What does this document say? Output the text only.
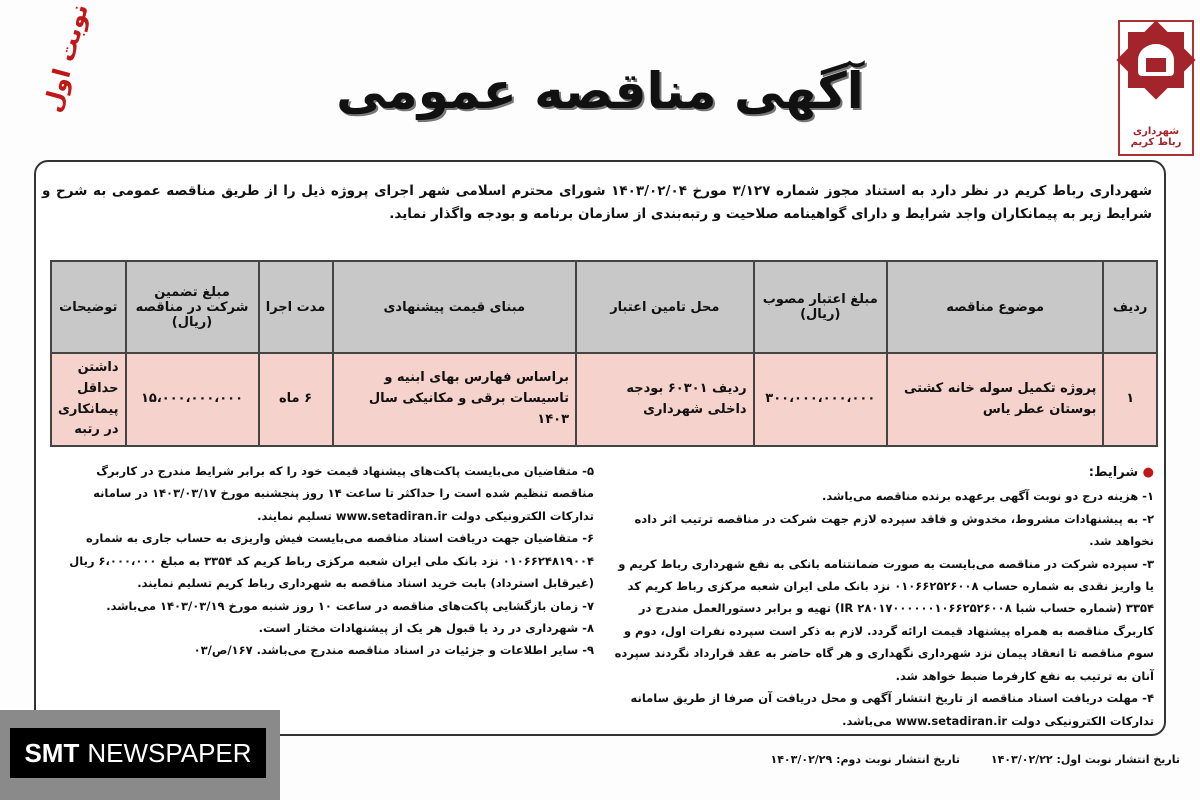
نوبت اول	آگهی مناقصه عمومی
شهرداری رباط کریم
شهرداری رباط کریم در نظر دارد به استناد مجوز شماره ۳/۱۲۷ مورخ ۱۴۰۳/۰۲/۰۴ شورای محترم اسلامی شهر اجرای پروژه ذیل را از طریق مناقصه عمومی به شرح و شرایط زیر به پیمانکاران واجد شرایط و دارای گواهینامه صلاحیت و رتبه‌بندی از سازمان برنامه و بودجه واگذار نماید.
ردیف	موضوع مناقصه	مبلغ اعتبار مصوب (ریال)	محل تامین اعتبار	مبنای قیمت پیشنهادی	مدت اجرا	مبلغ تضمین شرکت در مناقصه (ریال)	توضیحات
۱	پروژه تکمیل سوله خانه کشتی بوستان عطر یاس	۳۰۰،۰۰۰،۰۰۰،۰۰۰	ردیف ۶۰۳۰۱ بودجه داخلی شهرداری	براساس فهارس بهای ابنیه و تاسیسات برقی و مکانیکی سال ۱۴۰۳	۶ ماه	۱۵،۰۰۰،۰۰۰،۰۰۰	داشتن حداقل پیمانکاری در رتبه

● شرایط:

۱- هزینه درج دو نوبت آگهی برعهده برنده مناقصه می‌باشد.

۲- به پیشنهادات مشروط، مخدوش و فاقد سپرده لازم جهت شرکت در مناقصه ترتیب اثر داده نخواهد شد.

۳- سپرده شرکت در مناقصه می‌بایست به صورت ضمانتنامه بانکی به نفع شهرداری رباط کریم و یا واریز نقدی به شماره حساب ۰۱۰۶۶۲۵۲۶۰۰۸ نزد بانک ملی ایران شعبه مرکزی رباط کریم کد ۳۳۵۴ (شماره حساب شبا IR ۲۸۰۱۷۰۰۰۰۰۰۱۰۶۶۲۵۲۶۰۰۸) تهیه و برابر دستورالعمل مندرج در کاربرگ مناقصه به همراه پیشنهاد قیمت ارائه گردد. لازم به ذکر است سپرده نفرات اول، دوم و سوم مناقصه تا انعقاد پیمان نزد شهرداری نگهداری و هر گاه حاضر به عقد قرارداد نگردند سپرده آنان به ترتیب به نفع کارفرما ضبط خواهد شد.

۴- مهلت دریافت اسناد مناقصه از تاریخ انتشار آگهی و محل دریافت آن صرفا از طریق سامانه تدارکات الکترونیکی دولت www.setadiran.ir می‌باشد.

۵- متقاضیان می‌بایست پاکت‌های پیشنهاد قیمت خود را که برابر شرایط مندرج در کاربرگ مناقصه تنظیم شده است را حداکثر تا ساعت ۱۴ روز پنجشنبه مورخ ۱۴۰۳/۰۳/۱۷ در سامانه تدارکات الکترونیکی دولت www.setadiran.ir تسلیم نمایند.

۶- متقاضیان جهت دریافت اسناد مناقصه می‌بایست فیش واریزی به حساب جاری به شماره ۰۱۰۶۶۲۴۸۱۹۰۰۴ نزد بانک ملی ایران شعبه مرکزی رباط کریم کد ۳۳۵۴ به مبلغ ۶،۰۰۰،۰۰۰ ریال (غیرقابل استرداد) بابت خرید اسناد مناقصه به شهرداری رباط کریم تسلیم نمایند.

۷- زمان بازگشایی پاکت‌های مناقصه در ساعت ۱۰ روز شنبه مورخ ۱۴۰۳/۰۳/۱۹ می‌باشد.

۸- شهرداری در رد یا قبول هر یک از پیشنهادات مختار است.

۹- سایر اطلاعات و جزئیات در اسناد مناقصه مندرج می‌باشد. ۱۶۷/ص/۰۳

تاریخ انتشار نوبت اول: ۱۴۰۳/۰۲/۲۲
تاریخ انتشار نوبت دوم: ۱۴۰۳/۰۲/۲۹
SMT NEWSPAPER
